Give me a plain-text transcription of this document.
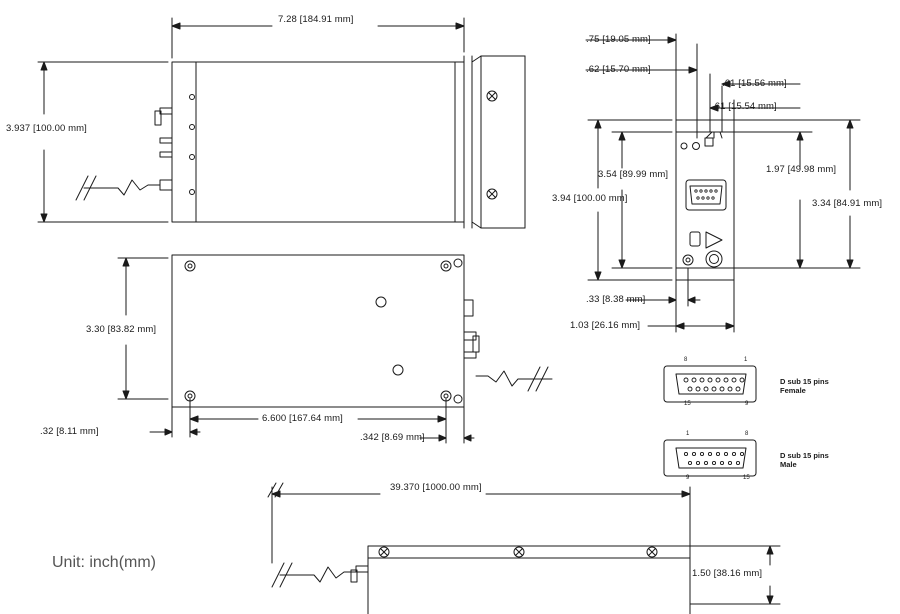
7.28 [184.91 mm]
3.937 [100.00 mm]
3.30 [83.82 mm]
6.600 [167.64 mm]
.32 [8.11 mm]
.342 [8.69 mm]
.75 [19.05 mm]
.62 [15.70 mm]
.61 [15.56 mm]
.61 [15.54 mm]
3.54 [89.99 mm]
3.94 [100.00 mm]
1.97 [49.98 mm]
3.34 [84.91 mm]
.33 [8.38 mm]
1.03 [26.16 mm]
39.370 [1000.00 mm]
1.50 [38.16 mm]
D sub 15 pins
Female
D sub 15 pins
Male
8	1
15	9
1	8
9	15
Unit: inch(mm)
